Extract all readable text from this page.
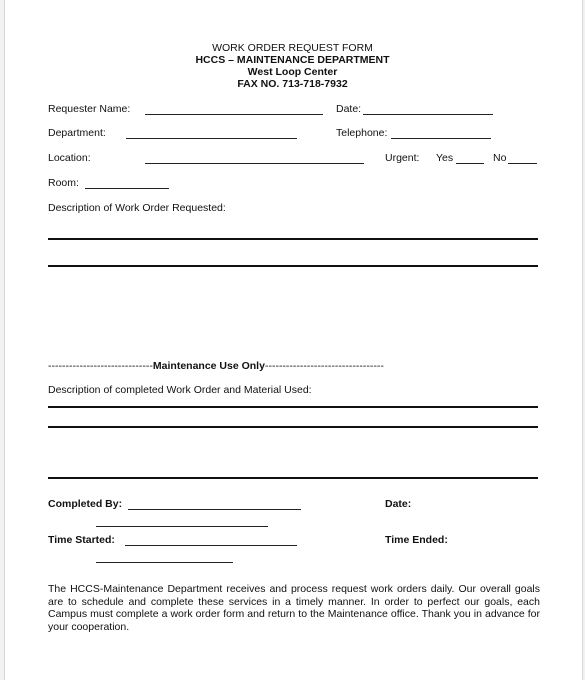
WORK ORDER REQUEST FORM
HCCS – MAINTENANCE DEPARTMENT
West Loop Center
FAX NO. 713-718-7932
Requester Name:	Date:
Department:	Telephone:
Location:	Urgent: Yes	No
Room:
Description of Work Order Requested:
------------------------------Maintenance Use Only----------------------------------
Description of completed Work Order and Material Used:
Completed By:	Date:
Time Started:	Time Ended:

The HCCS-Maintenance Department receives and process request work orders daily. Our overall goals are to schedule and complete these services in a timely manner. In order to perfect our goals, each Campus must complete a work order form and return to the Maintenance office. Thank you in advance for your cooperation.
